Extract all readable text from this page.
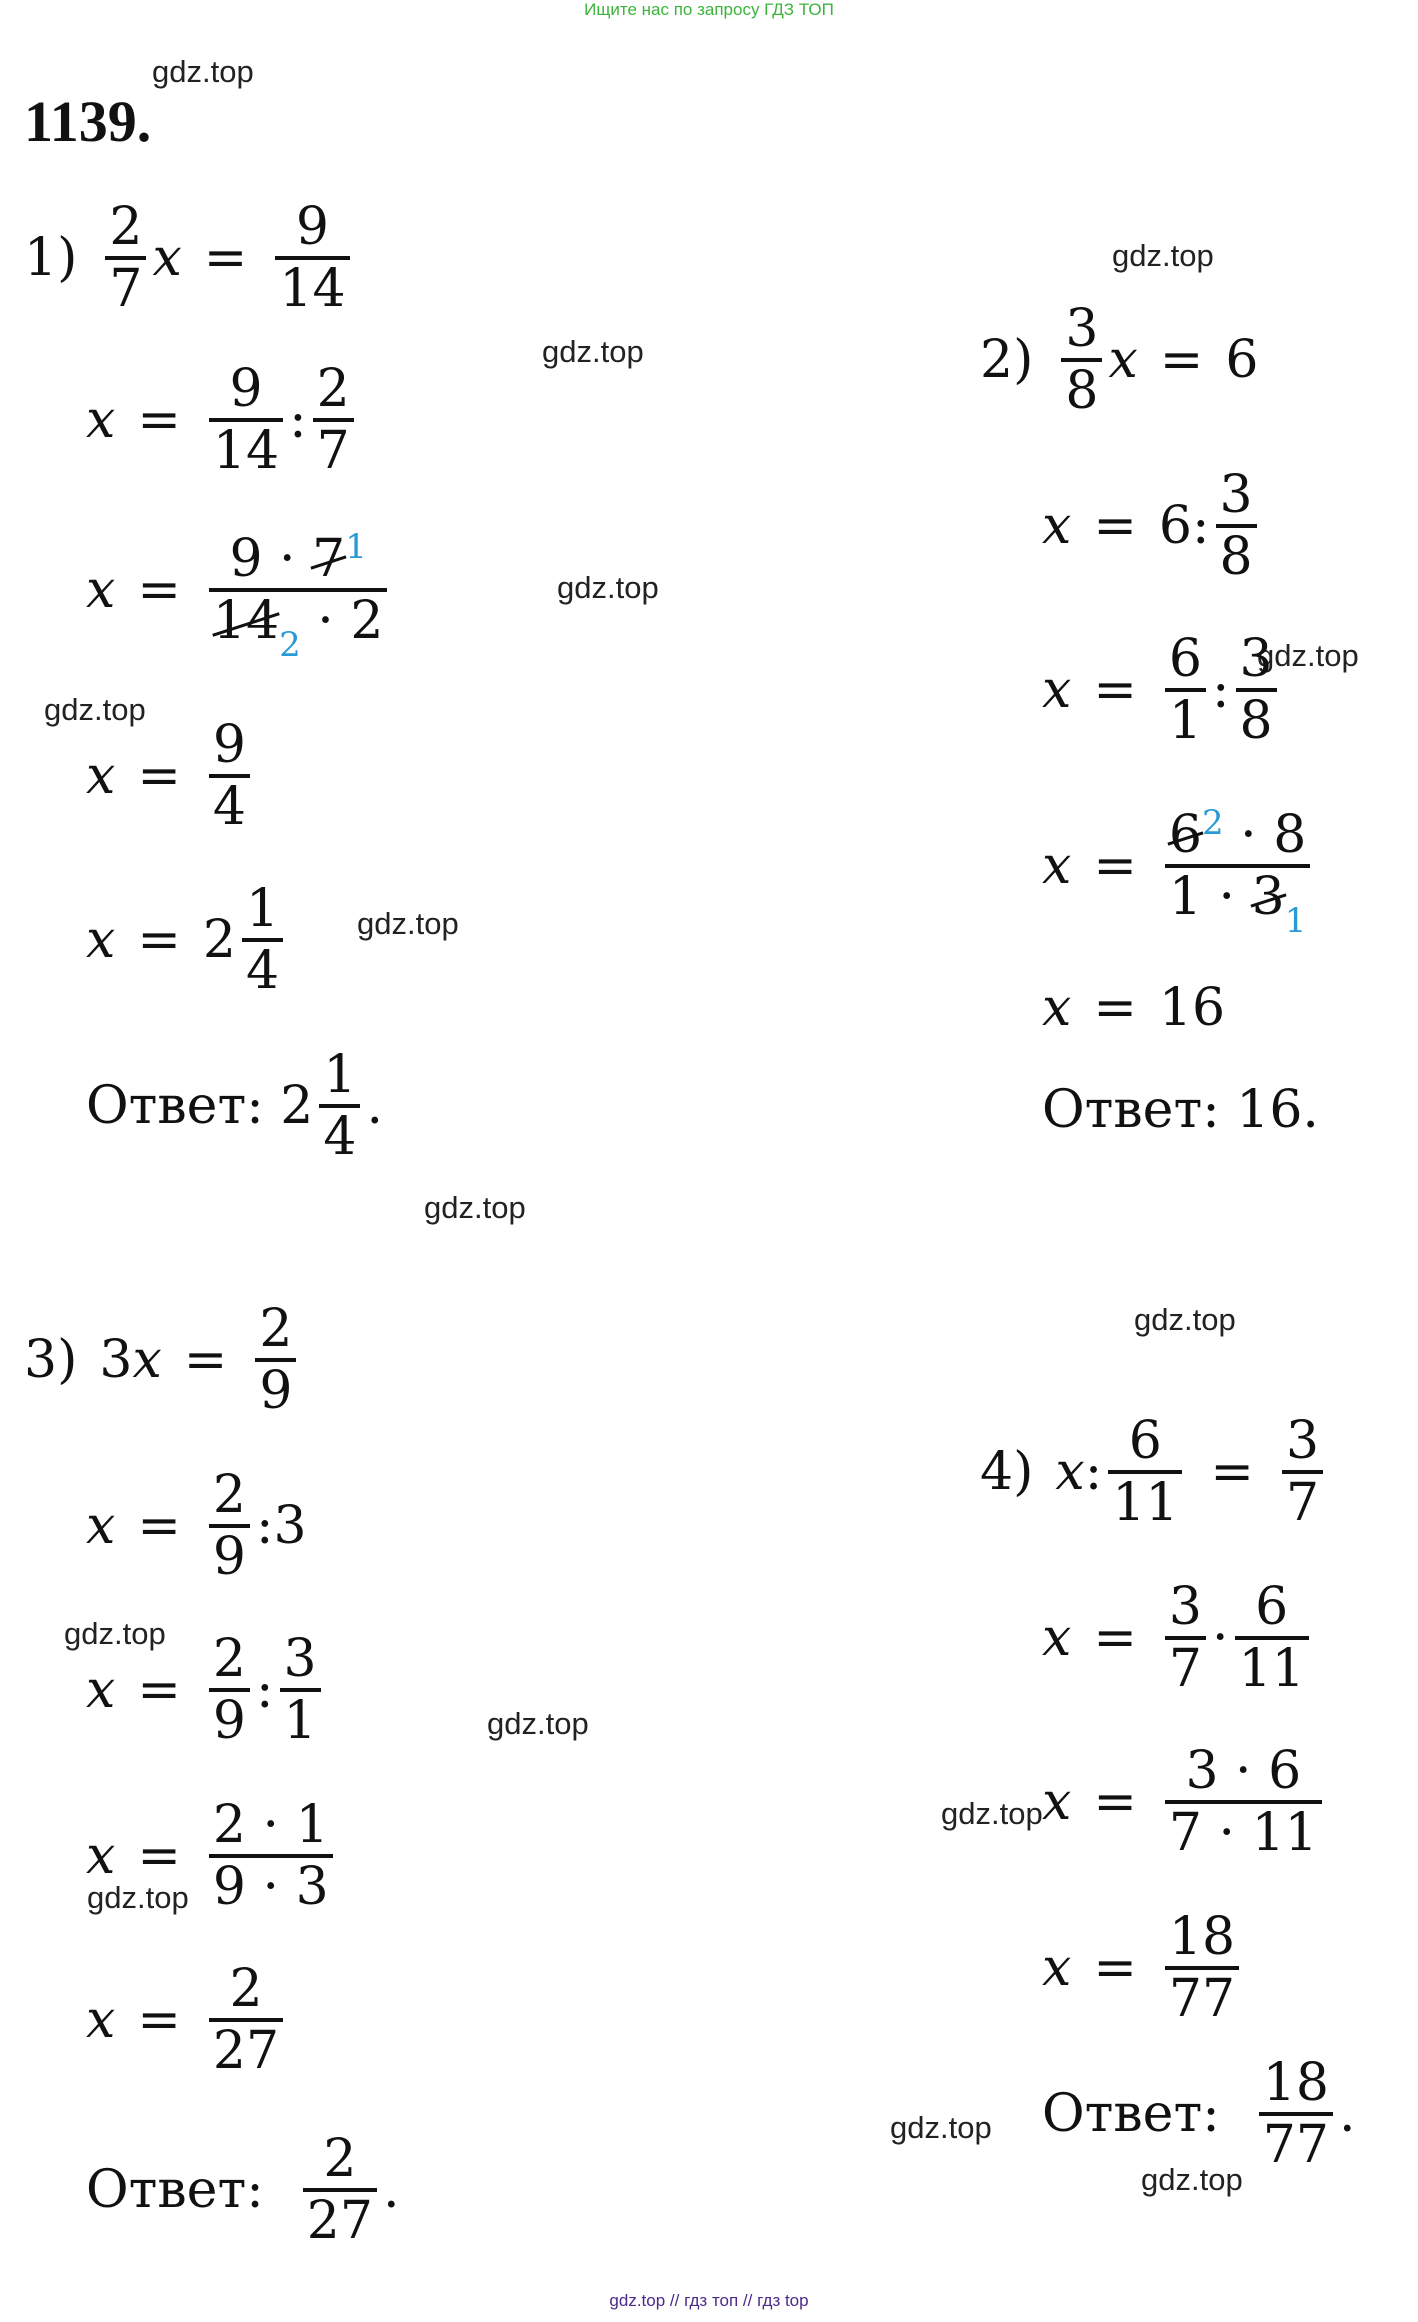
Ищите нас по запросу ГДЗ ТОП
1139.
gdz.top
gdz.top
gdz.top
gdz.top
gdz.top
gdz.top
gdz.top
gdz.top
gdz.top
gdz.top
gdz.top
gdz.top
gdz.top
gdz.top
gdz.top
$1) \frac{2}{7}$ $x = \frac{9}{14}$
$x = \frac{9}{14}$ : $\frac{2}{7}$
$x = \frac{9 \cdot 7^1}{14_2 \cdot 2}$
$x = \frac{9}{4}$
$x = 2 \frac{1}{4}$
Ответ:
$2 \frac{1}{4}$ .
$2) \frac{3}{8}$ x = 6
x = 6 : $\frac{3}{8}$
$x = \frac{6}{1}$ : $\frac{3}{8}$
$x = \frac{6^2 \cdot 8}{1 \cdot 3_1}$
x = 16
Ответ:
16.
3) 3 $x = \frac{2}{9}$
$x = \frac{2}{9}$ : 3
$x = \frac{2}{9}$ : $\frac{3}{1}$
$x = \frac{2 \cdot 1}{9 \cdot 3}$
$x = \frac{2}{27}$
Ответ:
$\frac{2}{27}$ .
4) x : $\frac{6}{11} = \frac{3}{7}$
$x = \frac{3}{7} \cdot \frac{6}{11}$
$x = \frac{3 \cdot 6}{7 \cdot 11}$
$x = \frac{18}{77}$
Ответ:
$\frac{18}{77}$ .
gdz.top // гдз топ // гдз top
